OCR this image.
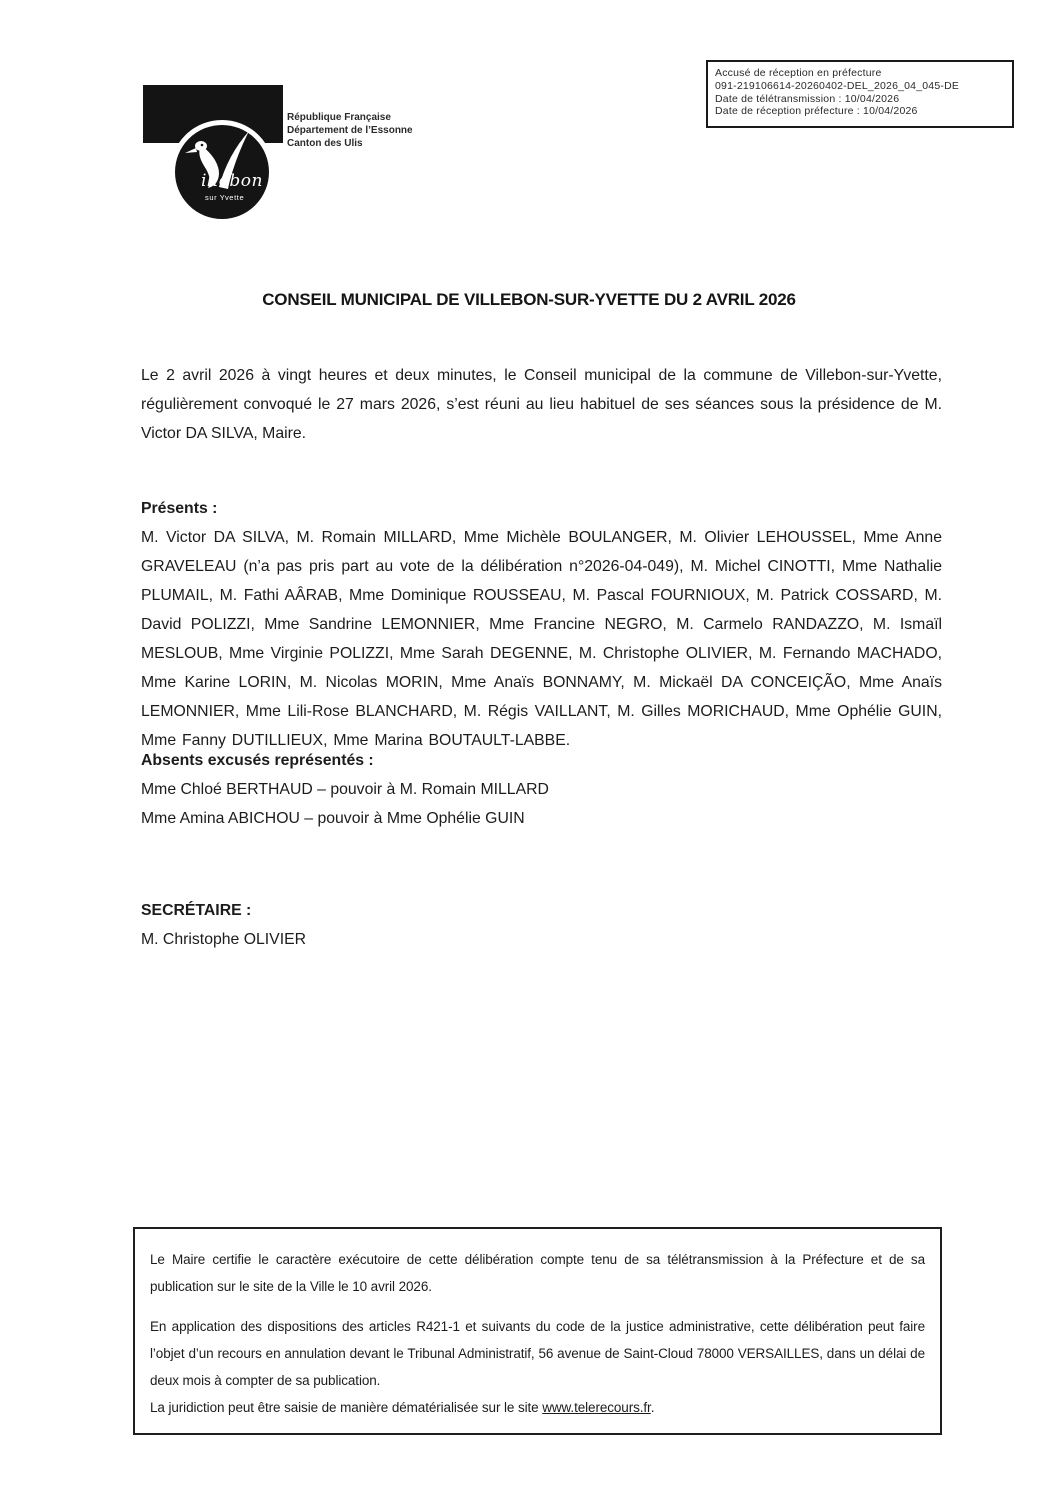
illebon
sur Yvette
République Française
Département de l’Essonne
Canton des Ulis
Accusé de réception en préfecture
091-219106614-20260402-DEL_2026_04_045-DE
Date de télétransmission : 10/04/2026
Date de réception préfecture : 10/04/2026
CONSEIL MUNICIPAL DE VILLEBON-SUR-YVETTE DU 2 AVRIL 2026

Le 2 avril 2026 à vingt heures et deux minutes, le Conseil municipal de la commune de Villebon-sur-Yvette, régulièrement convoqué le 27 mars 2026, s’est réuni au lieu habituel de ses séances sous la présidence de M. Victor DA SILVA, Maire.

Présents :

M. Victor DA SILVA, M. Romain MILLARD, Mme Michèle BOULANGER, M. Olivier LEHOUSSEL, Mme Anne GRAVELEAU (n’a pas pris part au vote de la délibération n°2026-04-049), M. Michel CINOTTI, Mme Nathalie PLUMAIL, M. Fathi AÂRAB, Mme Dominique ROUSSEAU, M. Pascal FOURNIOUX, M. Patrick COSSARD, M. David POLIZZI, Mme Sandrine LEMONNIER, Mme Francine NEGRO, M. Carmelo RANDAZZO, M. Ismaïl MESLOUB, Mme Virginie POLIZZI, Mme Sarah DEGENNE, M. Christophe OLIVIER, M. Fernando MACHADO, Mme Karine LORIN, M. Nicolas MORIN, Mme Anaïs BONNAMY, M. Mickaël DA CONCEIÇÃO, Mme Anaïs LEMONNIER, Mme Lili-Rose BLANCHARD, M. Régis VAILLANT, M. Gilles MORICHAUD, Mme Ophélie GUIN, Mme Fanny DUTILLIEUX, Mme Marina BOUTAULT-LABBE.

Absents excusés représentés :
Mme Chloé BERTHAUD – pouvoir à M. Romain MILLARD
Mme Amina ABICHOU – pouvoir à Mme Ophélie GUIN
SECRÉTAIRE :
M. Christophe OLIVIER

Le Maire certifie le caractère exécutoire de cette délibération compte tenu de sa télétransmission à la Préfecture et de sa publication sur le site de la Ville le 10 avril 2026.

En application des dispositions des articles R421-1 et suivants du code de la justice administrative, cette délibération peut faire l’objet d’un recours en annulation devant le Tribunal Administratif, 56 avenue de Saint-Cloud 78000 VERSAILLES, dans un délai de deux mois à compter de sa publication.

La juridiction peut être saisie de manière dématérialisée sur le site www.telerecours.fr.
